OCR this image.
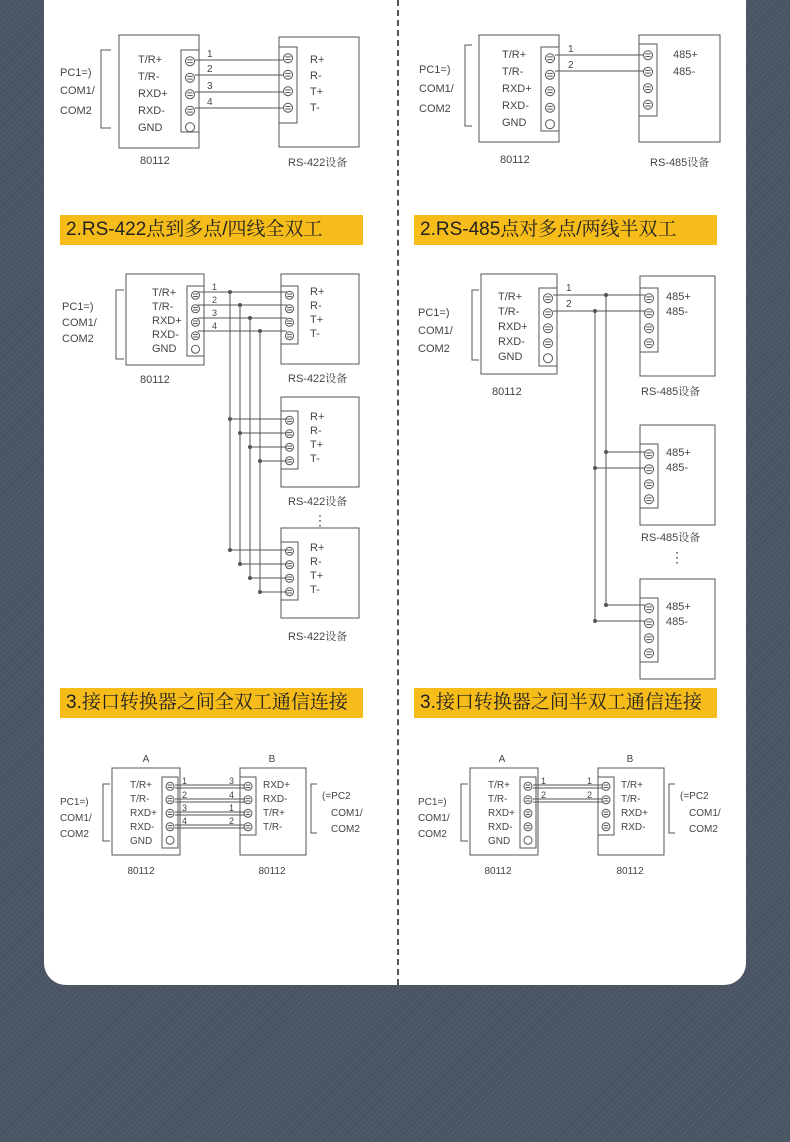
2.RS-422点到多点/四线全双工	2.RS-485点对多点/两线半双工
3.接口转换器之间全双工通信连接	3.接口转换器之间半双工通信连接
PC1=)
COM1/
COM2
T/R+
T/R-
RXD+
RXD-
GND
1
2
3
4
R+
R-
T+
T-
80112	RS-422设备
PC1=)
COM1/
COM2
T/R+
T/R-
RXD+
RXD-
GND
1
2
485+
485-
80112	RS-485设备
PC1=)
COM1/
COM2
T/R+
T/R-
RXD+
RXD-
GND
R+
R-
T+
T-
R+
R-
T+
T-
R+
R-
T+
T-
1
2
3
4
80112	RS-422设备
RS-422设备
RS-422设备
⋮
PC1=)
COM1/
COM2
T/R+
T/R-
RXD+
RXD-
GND
485+
485-
485+
485-
485+
485-
1
2
80112	RS-485设备
RS-485设备
⋮
PC1=)
COM1/
COM2
T/R+
T/R-
RXD+
RXD-
GND
RXD+
RXD-
T/R+
T/R-
1	3
2	4
3	1
4	2
(=PC2
COM1/
COM2
A	B
80112	80112
PC1=)
COM1/
COM2
T/R+
T/R-
RXD+
RXD-
GND
T/R+
T/R-
RXD+
RXD-
1	1
2	2	(=PC2
COM1/
COM2
A	B
80112	80112
